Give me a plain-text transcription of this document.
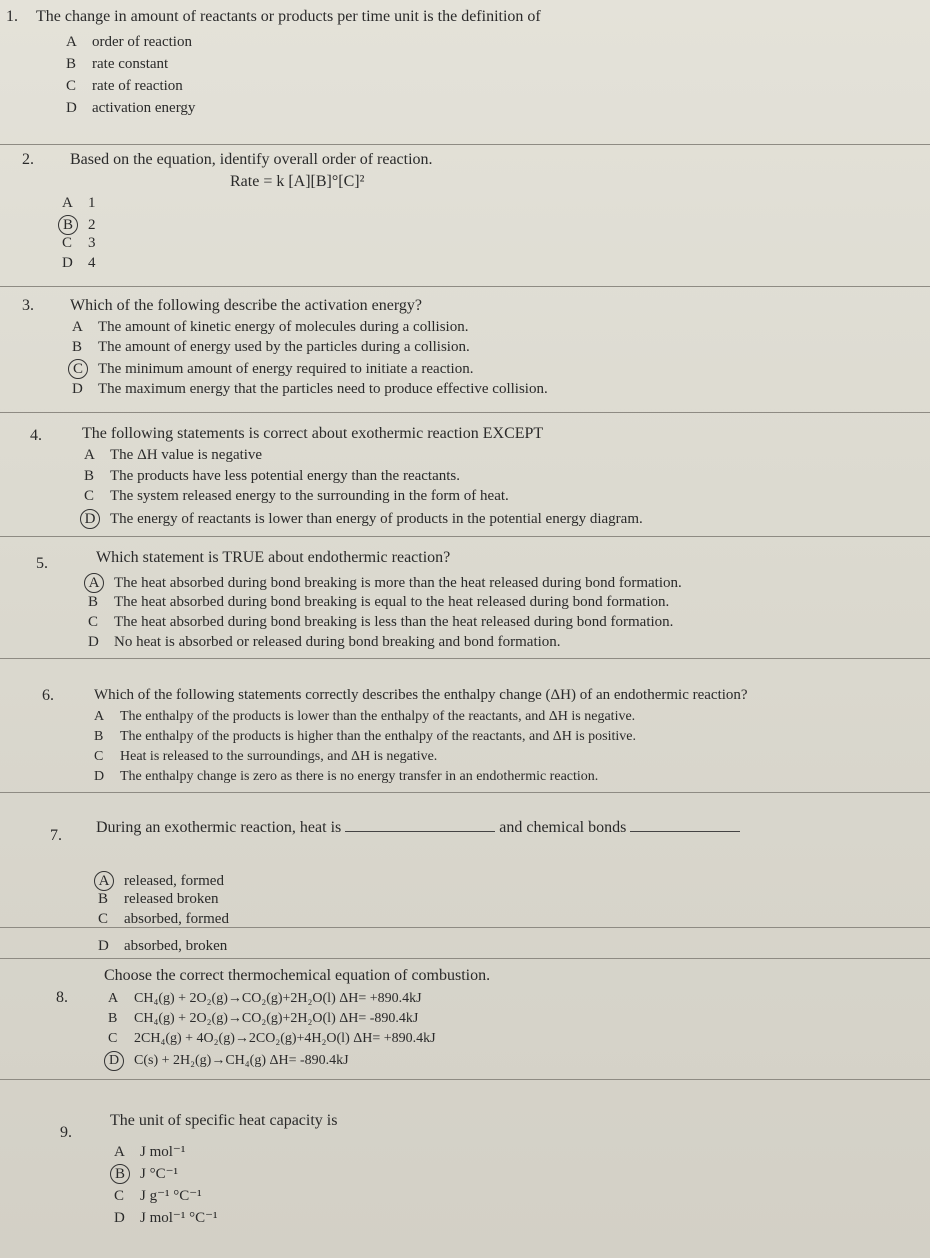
1. The change in amount of reactants or products per time unit is the definition of
A order of reaction
B rate constant
C rate of reaction
D activation energy
2. Based on the equation, identify overall order of reaction.
Rate = k [A][B]°[C]²
A 1
B 2
C 3
D 4
3. Which of the following describe the activation energy?
A The amount of kinetic energy of molecules during a collision.
B The amount of energy used by the particles during a collision.
C The minimum amount of energy required to initiate a reaction.
D The maximum energy that the particles need to produce effective collision.
4.	The following statements is correct about exothermic reaction EXCEPT
A The ΔH value is negative
B The products have less potential energy than the reactants.
C The system released energy to the surrounding in the form of heat.
D The energy of reactants is lower than energy of products in the potential energy diagram.
5.	Which statement is TRUE about endothermic reaction?
A The heat absorbed during bond breaking is more than the heat released during bond formation.
B The heat absorbed during bond breaking is equal to the heat released during bond formation.
C The heat absorbed during bond breaking is less than the heat released during bond formation.
D No heat is absorbed or released during bond breaking and bond formation.
6.	Which of the following statements correctly describes the enthalpy change (ΔH) of an endothermic reaction?
A The enthalpy of the products is lower than the enthalpy of the reactants, and ΔH is negative.
B The enthalpy of the products is higher than the enthalpy of the reactants, and ΔH is positive.
C Heat is released to the surroundings, and ΔH is negative.
D The enthalpy change is zero as there is no energy transfer in an endothermic reaction.
7. During an exothermic reaction, heat is	and chemical bonds
A released, formed
B released broken
C absorbed, formed
D absorbed, broken
8.
Choose the correct thermochemical equation of combustion.
A CH₄(g) + 2O₂(g)→CO₂(g)+2H₂O(l) ΔH= +890.4kJ
B CH₄(g) + 2O₂(g)→CO₂(g)+2H₂O(l) ΔH= -890.4kJ
C 2CH₄(g) + 4O₂(g)→2CO₂(g)+4H₂O(l) ΔH= +890.4kJ
D C(s) + 2H₂(g)→CH₄(g) ΔH= -890.4kJ
9.
The unit of specific heat capacity is
A J mol⁻¹
B J °C⁻¹
C J g⁻¹ °C⁻¹
D J mol⁻¹ °C⁻¹
